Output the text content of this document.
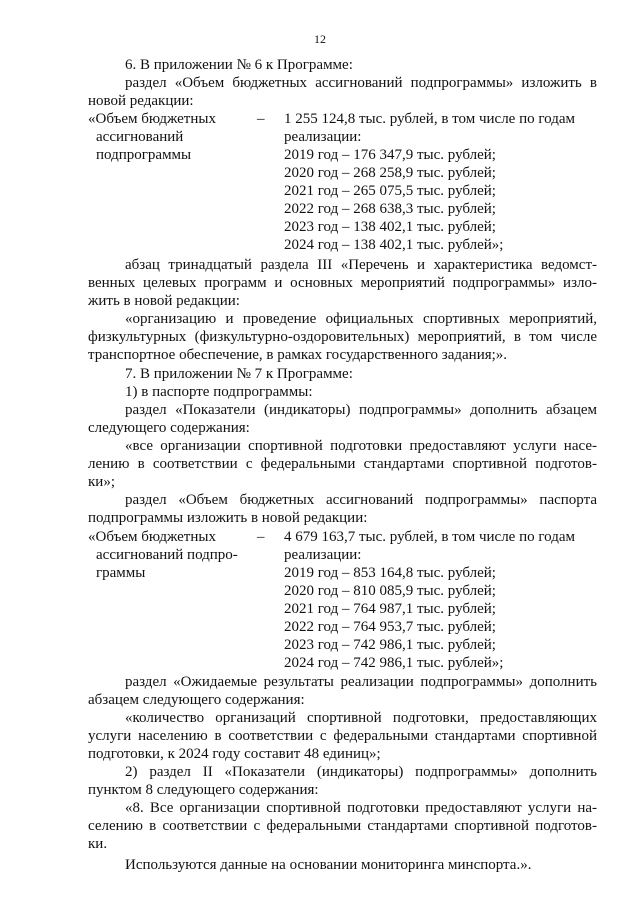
12
6. В приложении № 6 к Программе:
раздел «Объем бюджетных ассигнований подпрограммы» изложить в
новой редакции:
«Объем бюджетных
ассигнований
подпрограммы
– 1 255 124,8 тыс. рублей, в том числе по годам
реализации:
2019 год – 176 347,9 тыс. рублей;
2020 год – 268 258,9 тыс. рублей;
2021 год – 265 075,5 тыс. рублей;
2022 год – 268 638,3 тыс. рублей;
2023 год – 138 402,1 тыс. рублей;
2024 год – 138 402,1 тыс. рублей»;
абзац тринадцатый раздела III «Перечень и характеристика ведомст-
венных целевых программ и основных мероприятий подпрограммы» изло-
жить в новой редакции:
«организацию и проведение официальных спортивных мероприятий,
физкультурных (физкультурно-оздоровительных) мероприятий, в том числе
транспортное обеспечение, в рамках государственного задания;».
7. В приложении № 7 к Программе:
1) в паспорте подпрограммы:
раздел «Показатели (индикаторы) подпрограммы» дополнить абзацем
следующего содержания:
«все организации спортивной подготовки предоставляют услуги насе-
лению в соответствии с федеральными стандартами спортивной подготов-
ки»;
раздел «Объем бюджетных ассигнований подпрограммы» паспорта
подпрограммы изложить в новой редакции:
«Объем бюджетных
ассигнований подпро-
граммы
– 4 679 163,7 тыс. рублей, в том числе по годам
реализации:
2019 год – 853 164,8 тыс. рублей;
2020 год – 810 085,9 тыс. рублей;
2021 год – 764 987,1 тыс. рублей;
2022 год – 764 953,7 тыс. рублей;
2023 год – 742 986,1 тыс. рублей;
2024 год – 742 986,1 тыс. рублей»;
раздел «Ожидаемые результаты реализации подпрограммы» дополнить
абзацем следующего содержания:
«количество организаций спортивной подготовки, предоставляющих
услуги населению в соответствии с федеральными стандартами спортивной
подготовки, к 2024 году составит 48 единиц»;
2) раздел II «Показатели (индикаторы) подпрограммы» дополнить
пунктом 8 следующего содержания:
«8. Все организации спортивной подготовки предоставляют услуги на-
селению в соответствии с федеральными стандартами спортивной подготов-
ки.
Используются данные на основании мониторинга минспорта.».
